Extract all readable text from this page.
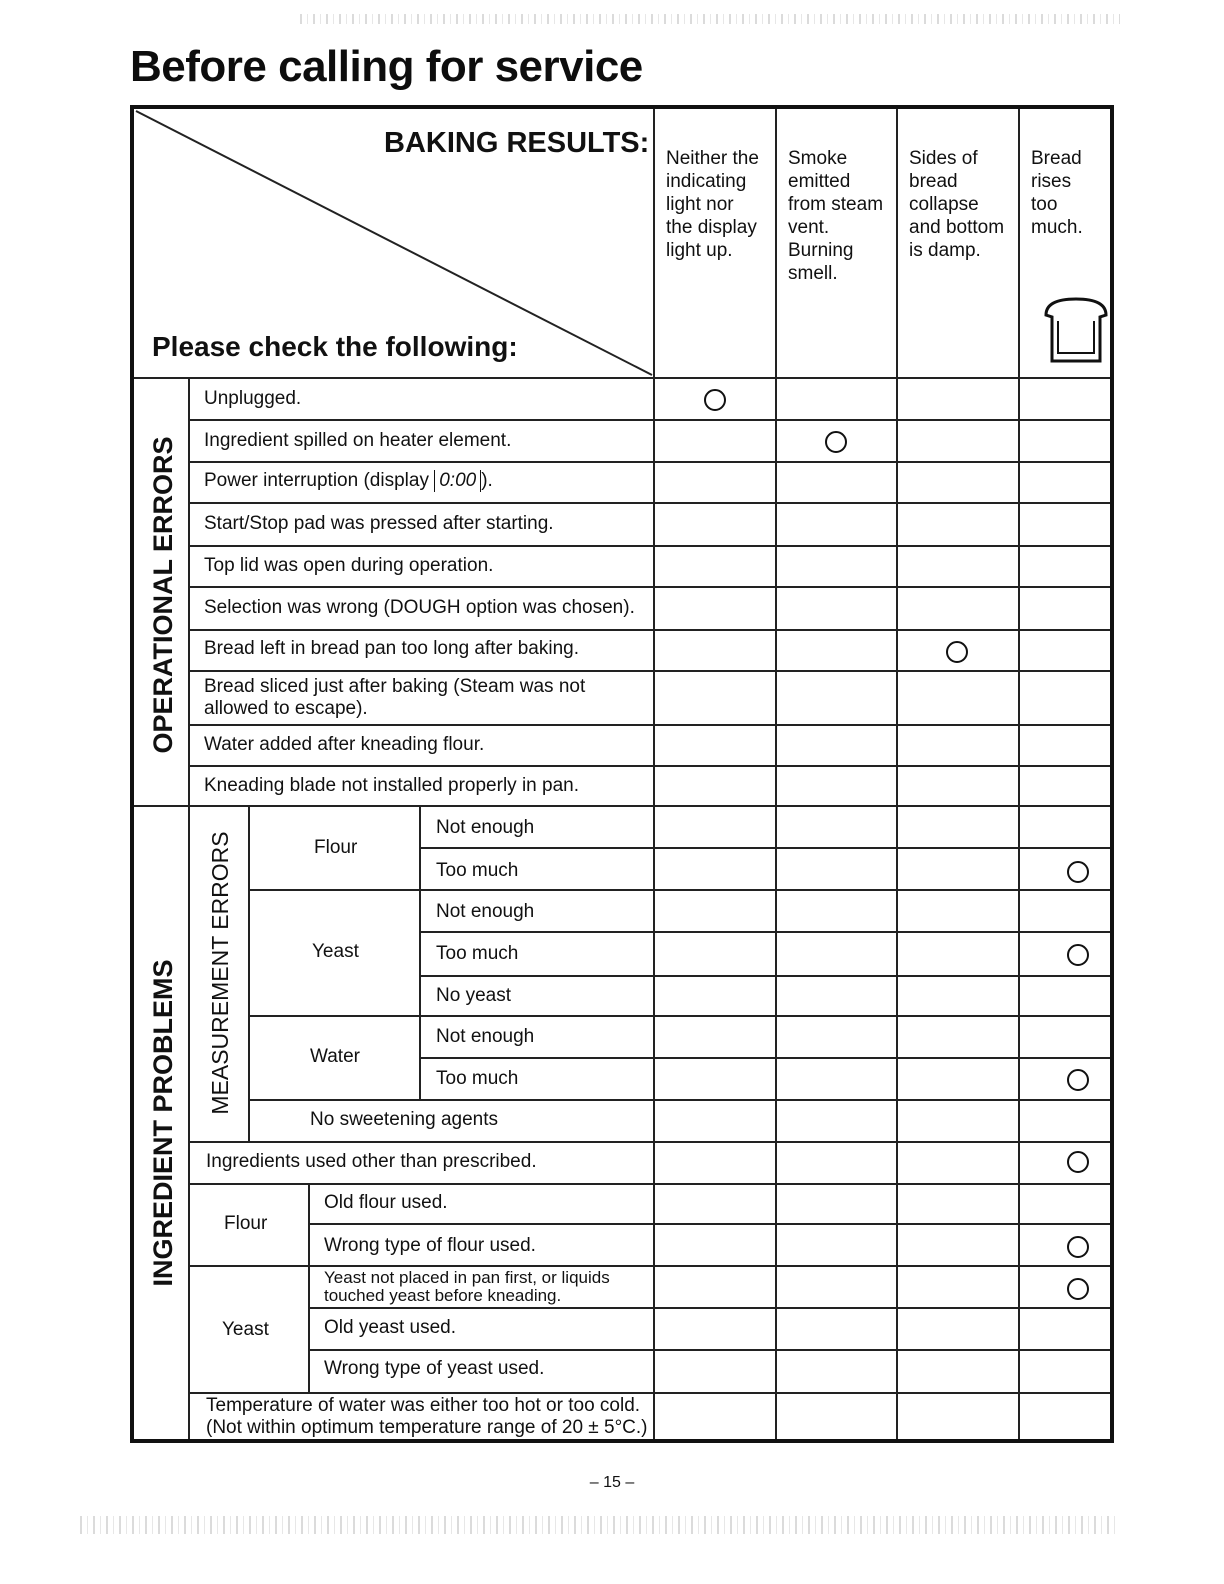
Before calling for service
BAKING RESULTS:
Please check the following:
Neither the
indicating
light nor
the display
light up.
Smoke
emitted
from steam
vent.
Burning
smell.
Sides of
bread
collapse
and bottom
is damp.
Bread
rises
too
much.
OPERATIONAL ERRORS
INGREDIENT PROBLEMS MEASUREMENT ERRORS
Unplugged.
Ingredient spilled on heater element.
Power interruption (display 0:00 ).
Start/Stop pad was pressed after starting.
Top lid was open during operation.
Selection was wrong (DOUGH option was chosen).
Bread left in bread pan too long after baking.
Bread sliced just after baking (Steam was not
allowed to escape).
Water added after kneading flour.
Kneading blade not installed properly in pan.
Flour
Yeast
Water
Not enough
Too much
Not enough
Too much
No yeast
Not enough
Too much
No sweetening agents
Ingredients used other than prescribed.
Flour
Yeast
Old flour used.
Wrong type of flour used.
Yeast not placed in pan first, or liquids
touched yeast before kneading.
Old yeast used.
Wrong type of yeast used.
Temperature of water was either too hot or too cold.
(Not within optimum temperature range of 20 ± 5°C.)
– 15 –
